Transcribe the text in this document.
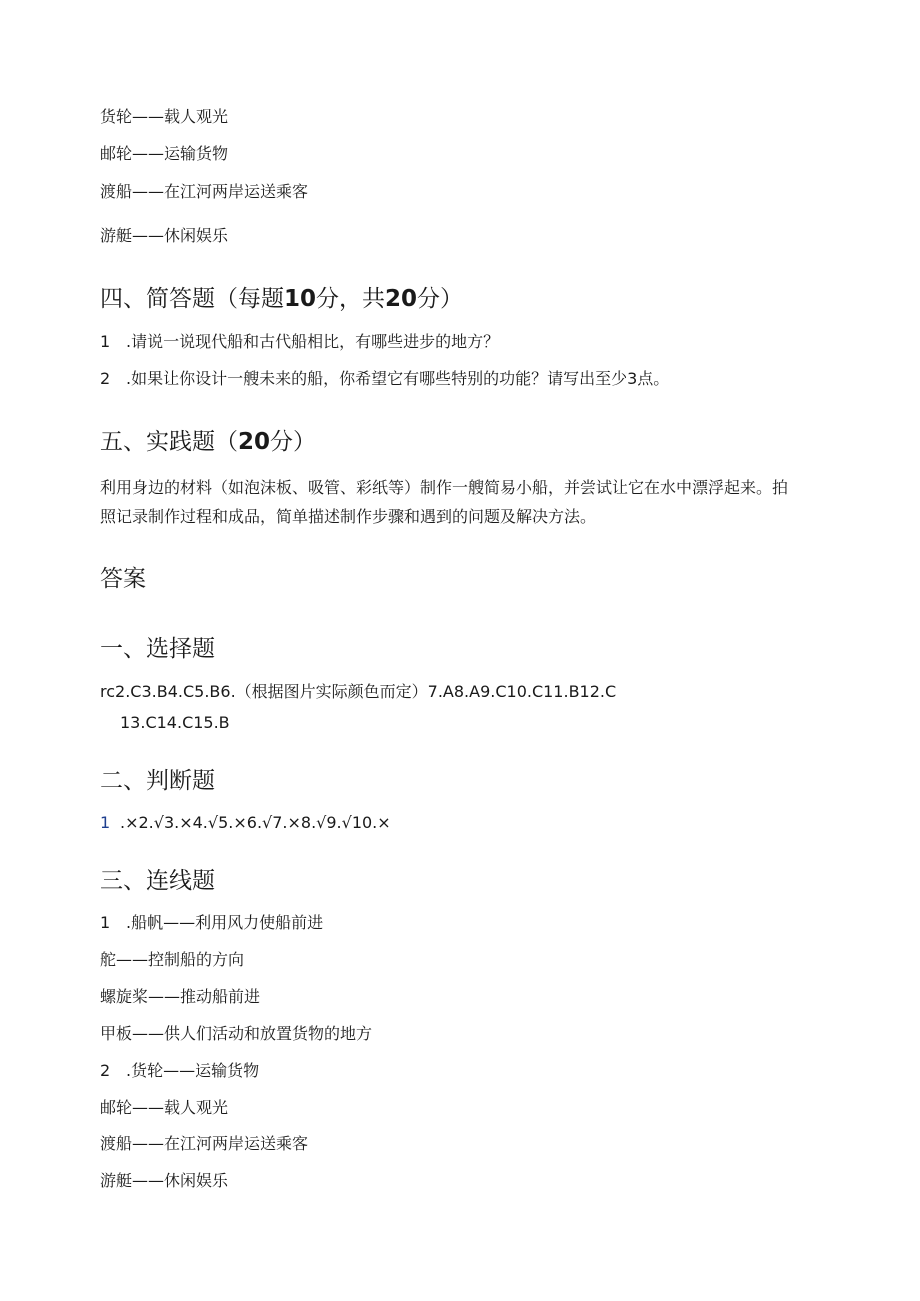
货轮——载人观光
邮轮——运输货物
渡船——在江河两岸运送乘客
游艇——休闲娱乐
四、简答题（每题10分，共20分）
1 .请说一说现代船和古代船相比，有哪些进步的地方？
2 .如果让你设计一艘未来的船，你希望它有哪些特别的功能？请写出至少3点。
五、实践题（20分）
利用身边的材料（如泡沫板、吸管、彩纸等）制作一艘简易小船，并尝试让它在水中漂浮起来。拍照记录制作过程和成品，简单描述制作步骤和遇到的问题及解决方法。
答案
一、选择题
rc2.C3.B4.C5.B6.（根据图片实际颜色而定）7.A8.A9.C10.C11.B12.C
13.C14.C15.B
二、判断题
1 .×2.√3.×4.√5.×6.√7.×8.√9.√10.×
三、连线题
1 .船帆——利用风力使船前进
舵——控制船的方向
螺旋桨——推动船前进
甲板——供人们活动和放置货物的地方
2 .货轮——运输货物
邮轮——载人观光
渡船——在江河两岸运送乘客
游艇——休闲娱乐
